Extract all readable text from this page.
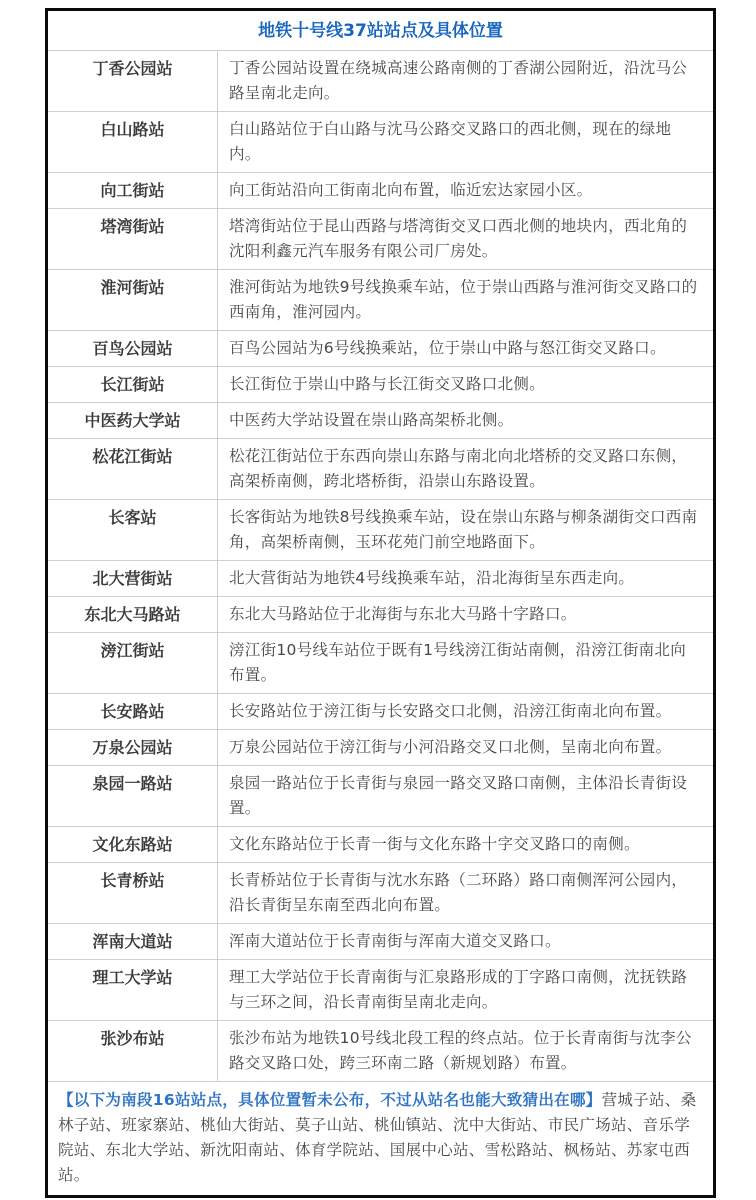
地铁十号线37站站点及具体位置
丁香公园站	丁香公园站设置在绕城高速公路南侧的丁香湖公园附近，沿沈马公路呈南北走向。
白山路站	白山路站位于白山路与沈马公路交叉路口的西北侧，现在的绿地内。
向工街站	向工街站沿向工街南北向布置，临近宏达家园小区。
塔湾街站	塔湾街站位于昆山西路与塔湾街交叉口西北侧的地块内，西北角的沈阳利鑫元汽车服务有限公司厂房处。
淮河街站	淮河街站为地铁9号线换乘车站，位于崇山西路与淮河街交叉路口的西南角，淮河园内。
百鸟公园站	百鸟公园站为6号线换乘站，位于崇山中路与怒江街交叉路口。
长江街站	长江街位于崇山中路与长江街交叉路口北侧。
中医药大学站	中医药大学站设置在崇山路高架桥北侧。
松花江街站	松花江街站位于东西向崇山东路与南北向北塔桥的交叉路口东侧，高架桥南侧，跨北塔桥街，沿崇山东路设置。
长客站	长客街站为地铁8号线换乘车站，设在崇山东路与柳条湖街交口西南角，高架桥南侧，玉环花苑门前空地路面下。
北大营街站	北大营街站为地铁4号线换乘车站，沿北海街呈东西走向。
东北大马路站	东北大马路站位于北海街与东北大马路十字路口。
滂江街站	滂江街10号线车站位于既有1号线滂江街站南侧，沿滂江街南北向布置。
长安路站	长安路站位于滂江街与长安路交口北侧，沿滂江街南北向布置。
万泉公园站	万泉公园站位于滂江街与小河沿路交叉口北侧，呈南北向布置。
泉园一路站	泉园一路站位于长青街与泉园一路交叉路口南侧，主体沿长青街设置。
文化东路站	文化东路站位于长青一街与文化东路十字交叉路口的南侧。
长青桥站	长青桥站位于长青街与沈水东路（二环路）路口南侧浑河公园内，沿长青街呈东南至西北向布置。
浑南大道站	浑南大道站位于长青南街与浑南大道交叉路口。
理工大学站	理工大学站位于长青南街与汇泉路形成的丁字路口南侧，沈抚铁路与三环之间，沿长青南街呈南北走向。
张沙布站	张沙布站为地铁10号线北段工程的终点站。位于长青南街与沈李公路交叉路口处，跨三环南二路（新规划路）布置。
【以下为南段16站站点，具体位置暂未公布，不过从站名也能大致猜出在哪】营城子站、桑林子站、班家寨站、桃仙大街站、莫子山站、桃仙镇站、沈中大街站、市民广场站、音乐学院站、东北大学站、新沈阳南站、体育学院站、国展中心站、雪松路站、枫杨站、苏家屯西站。
